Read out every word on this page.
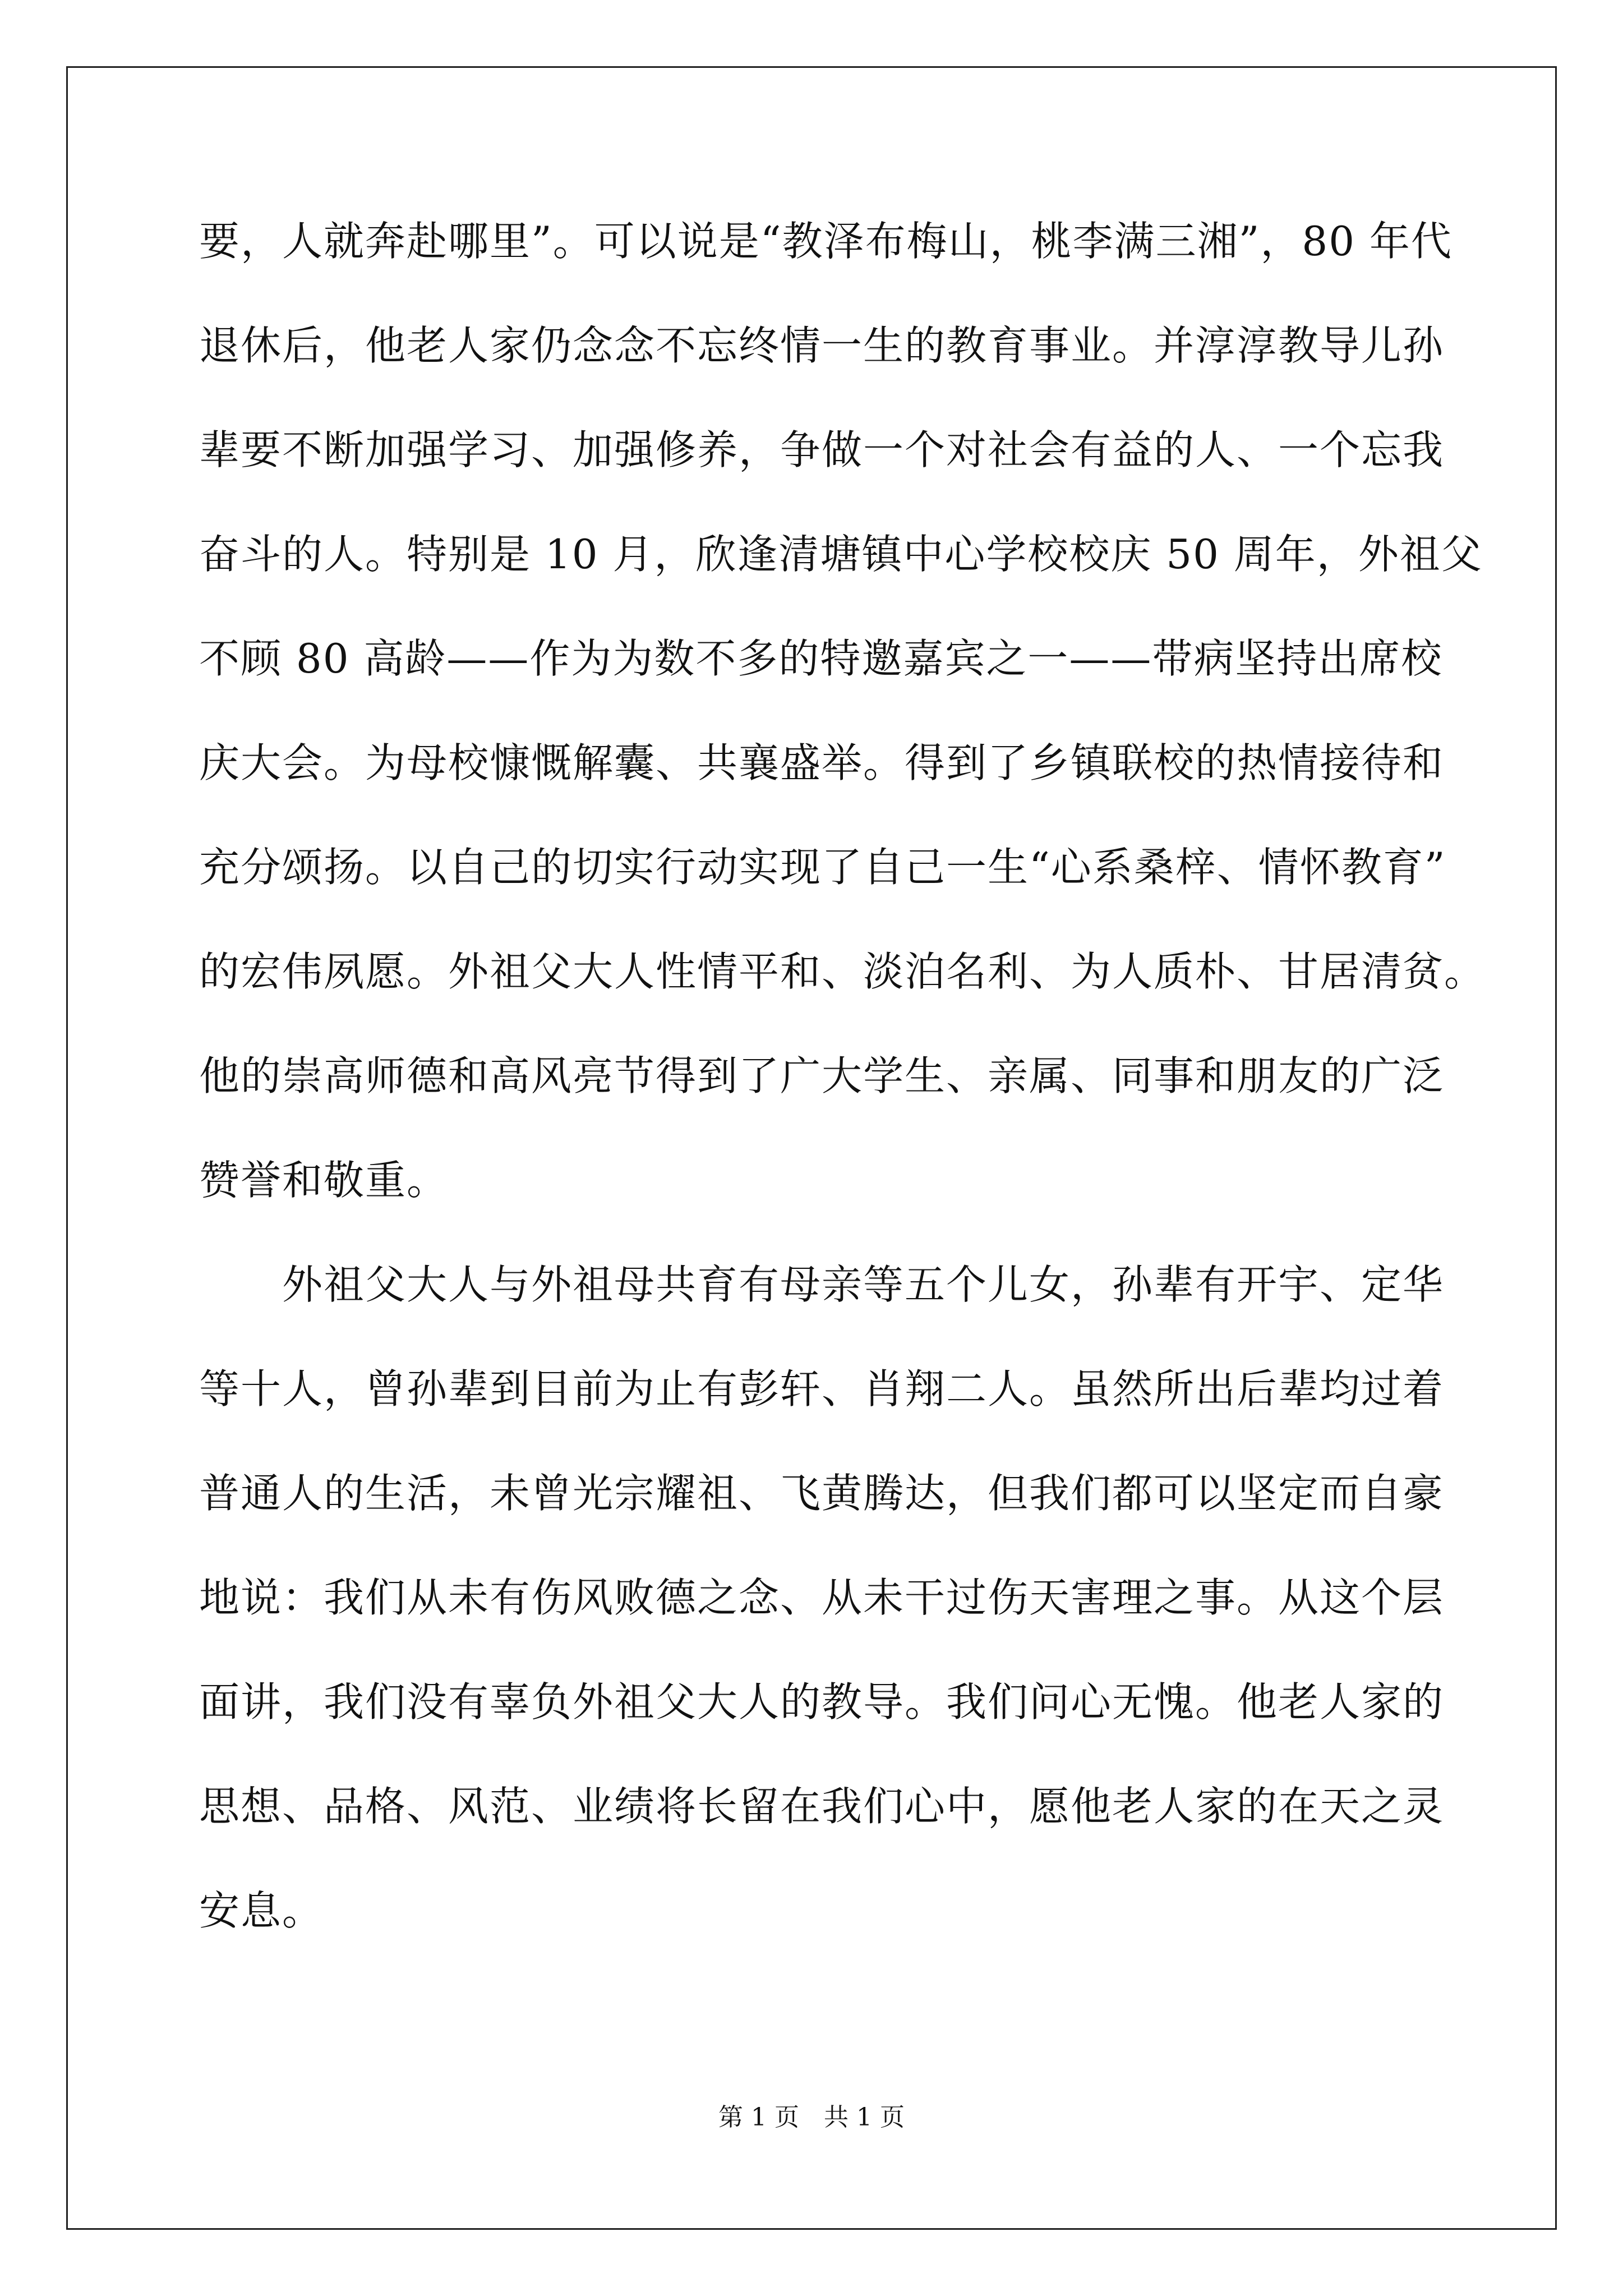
要，人就奔赴哪里”。可以说是“教泽布梅山，桃李满三湘”，80 年代
退休后，他老人家仍念念不忘终情一生的教育事业。并淳淳教导儿孙
辈要不断加强学习、加强修养，争做一个对社会有益的人、一个忘我
奋斗的人。特别是 10 月，欣逢清塘镇中心学校校庆 50 周年，外祖父
不顾 80 高龄——作为为数不多的特邀嘉宾之一——带病坚持出席校
庆大会。为母校慷慨解囊、共襄盛举。得到了乡镇联校的热情接待和
充分颂扬。以自己的切实行动实现了自己一生“心系桑梓、情怀教育”
的宏伟夙愿。外祖父大人性情平和、淡泊名利、为人质朴、甘居清贫。
他的崇高师德和高风亮节得到了广大学生、亲属、同事和朋友的广泛
赞誉和敬重。
　　外祖父大人与外祖母共育有母亲等五个儿女，孙辈有开宇、定华
等十人，曾孙辈到目前为止有彭轩、肖翔二人。虽然所出后辈均过着
普通人的生活，未曾光宗耀祖、飞黄腾达，但我们都可以坚定而自豪
地说：我们从未有伤风败德之念、从未干过伤天害理之事。从这个层
面讲，我们没有辜负外祖父大人的教导。我们问心无愧。他老人家的
思想、品格、风范、业绩将长留在我们心中，愿他老人家的在天之灵
安息。
第 1 页　共 1 页
